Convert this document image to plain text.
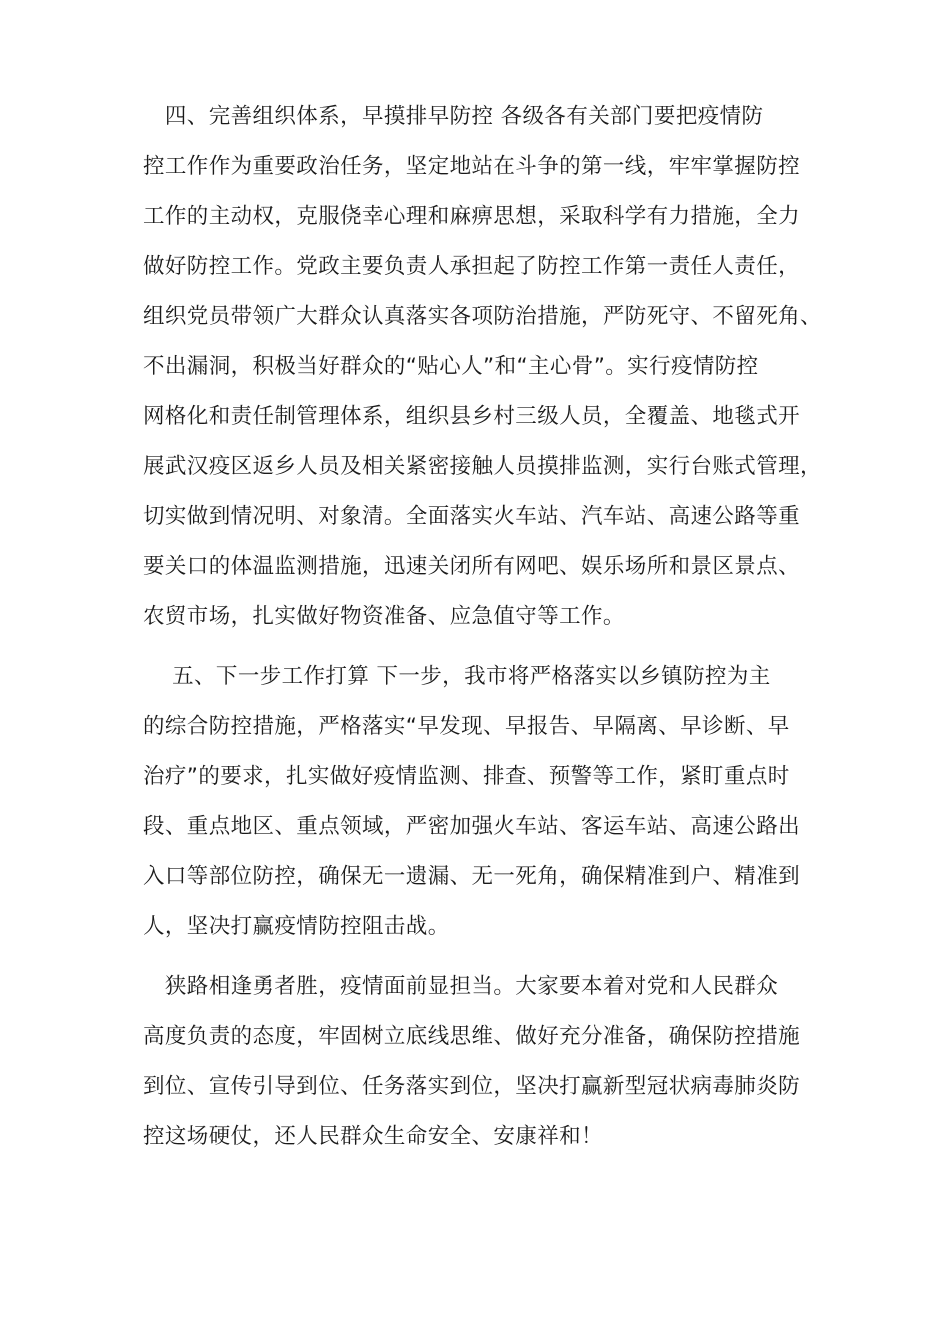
　四、完善组织体系，早摸排早防控 各级各有关部门要把疫情防
控工作作为重要政治任务，坚定地站在斗争的第一线，牢牢掌握防控
工作的主动权，克服侥幸心理和麻痹思想，采取科学有力措施，全力
做好防控工作。党政主要负责人承担起了防控工作第一责任人责任，
组织党员带领广大群众认真落实各项防治措施，严防死守、不留死角、
不出漏洞，积极当好群众的“贴心人”和“主心骨”。实行疫情防控
网格化和责任制管理体系，组织县乡村三级人员，全覆盖、地毯式开
展武汉疫区返乡人员及相关紧密接触人员摸排监测，实行台账式管理，
切实做到情况明、对象清。全面落实火车站、汽车站、高速公路等重
要关口的体温监测措施，迅速关闭所有网吧、娱乐场所和景区景点、
农贸市场，扎实做好物资准备、应急值守等工作。
　 五、下一步工作打算 下一步，我市将严格落实以乡镇防控为主
的综合防控措施，严格落实“早发现、早报告、早隔离、早诊断、早
治疗”的要求，扎实做好疫情监测、排查、预警等工作，紧盯重点时
段、重点地区、重点领域，严密加强火车站、客运车站、高速公路出
入口等部位防控，确保无一遗漏、无一死角，确保精准到户、精准到
人，坚决打赢疫情防控阻击战。
　狭路相逢勇者胜，疫情面前显担当。大家要本着对党和人民群众
高度负责的态度，牢固树立底线思维、做好充分准备，确保防控措施
到位、宣传引导到位、任务落实到位，坚决打赢新型冠状病毒肺炎防
控这场硬仗，还人民群众生命安全、安康祥和！
